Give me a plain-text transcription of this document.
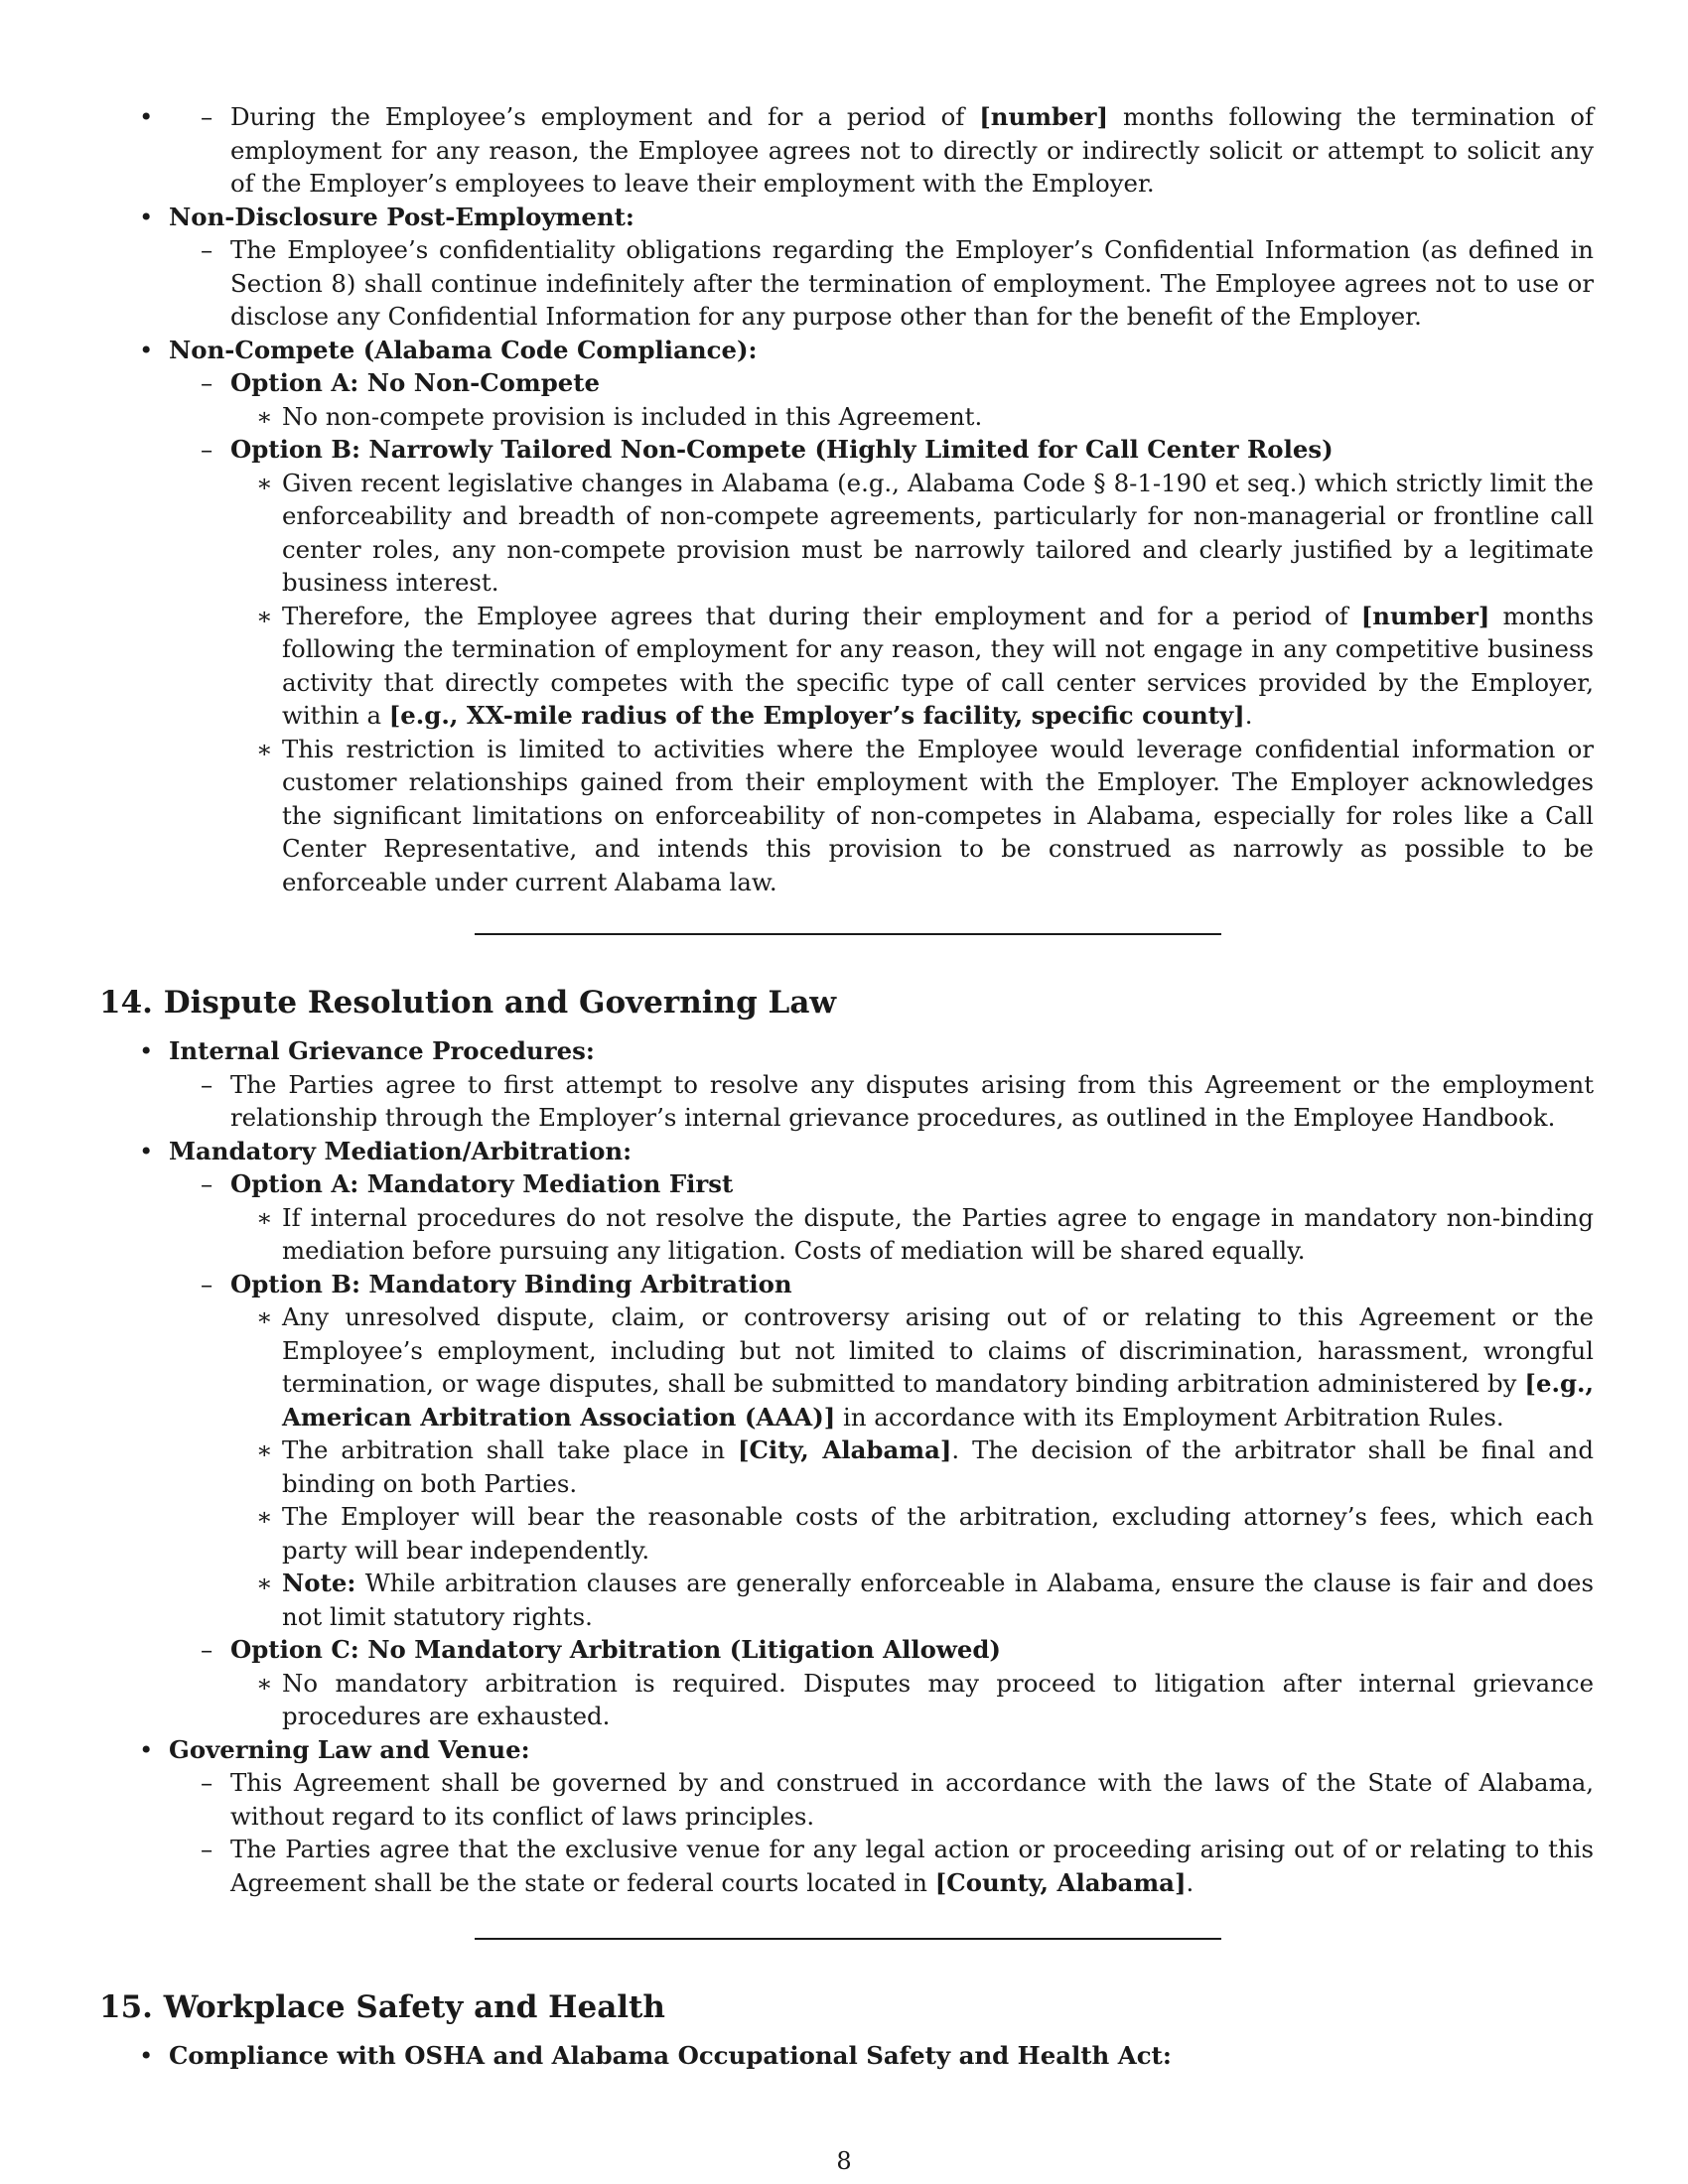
– • During the Employee’s employment and for a period of [number] months following the termination of employment for any reason, the Employee agrees not to directly or indirectly solicit or attempt to solicit any of the Employer’s employees to leave their employment with the Employer.
• Non-Disclosure Post-Employment:
– The Employee’s confidentiality obligations regarding the Employer’s Confidential Information (as defined in Section 8) shall continue indefinitely after the termination of employment. The Employee agrees not to use or disclose any Confidential Information for any purpose other than for the benefit of the Employer.
• Non-Compete (Alabama Code Compliance):
– Option A: No Non-Compete
∗ No non-compete provision is included in this Agreement.
– Option B: Narrowly Tailored Non-Compete (Highly Limited for Call Center Roles)
∗ Given recent legislative changes in Alabama (e.g., Alabama Code § 8-1-190 et seq.) which strictly limit the enforceability and breadth of non-compete agreements, particularly for non-managerial or frontline call center roles, any non-compete provision must be narrowly tailored and clearly justified by a legitimate business interest.
∗ Therefore, the Employee agrees that during their employment and for a period of [number] months following the termination of employment for any reason, they will not engage in any competitive business activity that directly competes with the specific type of call center services provided by the Employer, within a [e.g., XX-mile radius of the Employer’s facility, specific county].
∗ This restriction is limited to activities where the Employee would leverage confidential information or customer relationships gained from their employment with the Employer. The Employer acknowledges the significant limitations on enforceability of non-competes in Alabama, especially for roles like a Call Center Representative, and intends this provision to be construed as narrowly as possible to be enforceable under current Alabama law.
14. Dispute Resolution and Governing Law
• Internal Grievance Procedures:
– The Parties agree to first attempt to resolve any disputes arising from this Agreement or the employment relationship through the Employer’s internal grievance procedures, as outlined in the Employee Handbook.
• Mandatory Mediation/Arbitration:
– Option A: Mandatory Mediation First
∗ If internal procedures do not resolve the dispute, the Parties agree to engage in mandatory non-binding mediation before pursuing any litigation. Costs of mediation will be shared equally.
– Option B: Mandatory Binding Arbitration
∗ Any unresolved dispute, claim, or controversy arising out of or relating to this Agreement or the Employee’s employment, including but not limited to claims of discrimination, harassment, wrongful termination, or wage disputes, shall be submitted to mandatory binding arbitration administered by [e.g., American Arbitration Association (AAA)] in accordance with its Employment Arbitration Rules.
∗ The arbitration shall take place in [City, Alabama]. The decision of the arbitrator shall be final and binding on both Parties.
∗ The Employer will bear the reasonable costs of the arbitration, excluding attorney’s fees, which each party will bear independently.
∗ Note: While arbitration clauses are generally enforceable in Alabama, ensure the clause is fair and does not limit statutory rights.
– Option C: No Mandatory Arbitration (Litigation Allowed)
∗ No mandatory arbitration is required. Disputes may proceed to litigation after internal grievance procedures are exhausted.
• Governing Law and Venue:
– This Agreement shall be governed by and construed in accordance with the laws of the State of Alabama, without regard to its conflict of laws principles.
– The Parties agree that the exclusive venue for any legal action or proceeding arising out of or relating to this Agreement shall be the state or federal courts located in [County, Alabama].
15. Workplace Safety and Health
• Compliance with OSHA and Alabama Occupational Safety and Health Act:
8
